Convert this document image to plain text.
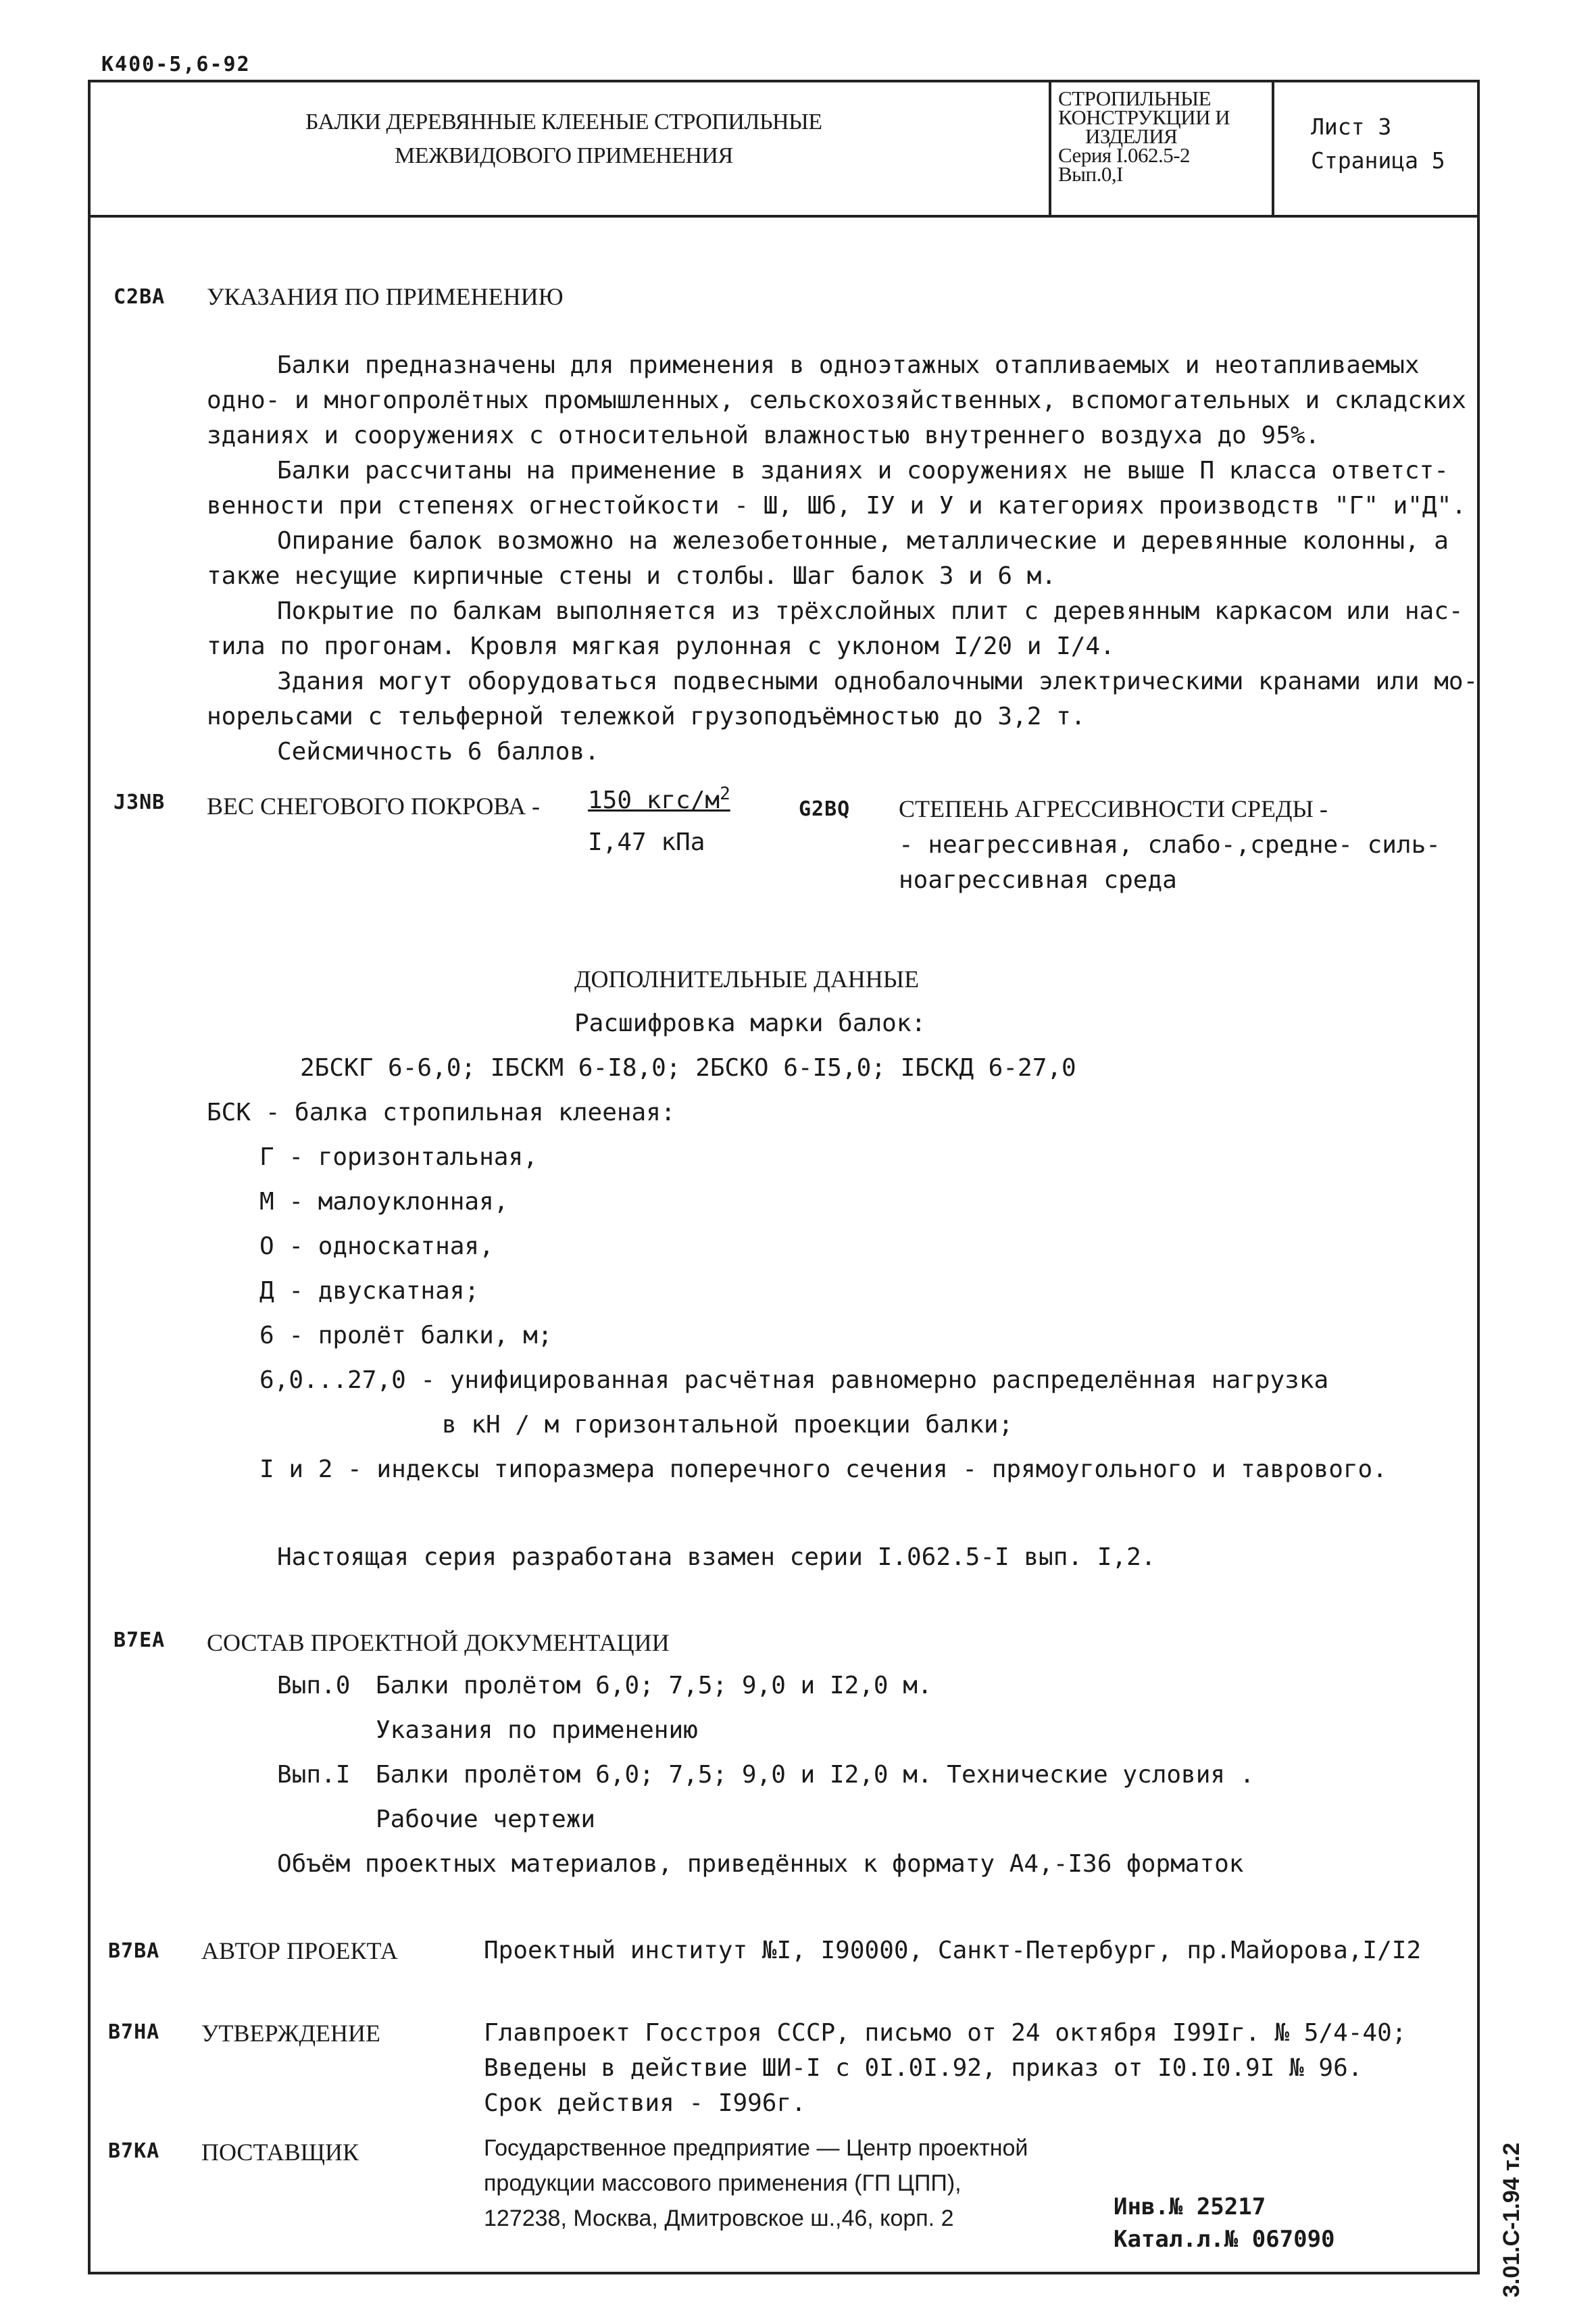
К400-5,6-92
БАЛКИ ДЕРЕВЯННЫЕ КЛЕЕНЫЕ СТРОПИЛЬНЫЕ
МЕЖВИДОВОГО ПРИМЕНЕНИЯ
СТРОПИЛЬНЫЕ
КОНСТРУКЦИИ И
ИЗДЕЛИЯ
Серия I.062.5-2
Вып.0,I
Лист 3
Страница 5
С2ВА УКАЗАНИЯ ПО ПРИМЕНЕНИЮ
Балки предназначены для применения в одноэтажных отапливаемых и неотапливаемых
одно- и многопролётных промышленных, сельскохозяйственных, вспомогательных и складских
зданиях и сооружениях с относительной влажностью внутреннего воздуха до 95%.
Балки рассчитаны на применение в зданиях и сооружениях не выше П класса ответст-
венности при степенях огнестойкости - Ш, Шб, IУ и У и категориях производств "Г" и"Д".
Опирание балок возможно на железобетонные, металлические и деревянные колонны, а
также несущие кирпичные стены и столбы. Шаг балок 3 и 6 м.
Покрытие по балкам выполняется из трёхслойных плит с деревянным каркасом или нас-
тила по прогонам. Кровля мягкая рулонная с уклоном I/20 и I/4.
Здания могут оборудоваться подвесными однобалочными электрическими кранами или мо-
норельсами с тельферной тележкой грузоподъёмностью до 3,2 т.
Сейсмичность 6 баллов.
J3NB ВЕС СНЕГОВОГО ПОКРОВА - 150 кгс/$м^2$
I,47 кПа
G2BQ СТЕПЕНЬ АГРЕССИВНОСТИ СРЕДЫ -
- неагрессивная, слабо-,средне- силь-
ноагрессивная среда
ДОПОЛНИТЕЛЬНЫЕ ДАННЫЕ
Расшифровка марки балок:
2БСКГ 6-6,0; IБСКМ 6-I8,0; 2БСКО 6-I5,0; IБСКД 6-27,0
БСК - балка стропильная клееная:
Г - горизонтальная,
М - малоуклонная,
О - односкатная,
Д - двускатная;
6 - пролёт балки, м;
6,0...27,0 - унифицированная расчётная равномерно распределённая нагрузка
в кН / м горизонтальной проекции балки;
I и 2 - индексы типоразмера поперечного сечения - прямоугольного и таврового.
Настоящая серия разработана взамен серии I.062.5-I вып. I,2.
В7ЕА СОСТАВ ПРОЕКТНОЙ ДОКУМЕНТАЦИИ
Вып.0 Балки пролётом 6,0; 7,5; 9,0 и I2,0 м.
Указания по применению
Вып.I Балки пролётом 6,0; 7,5; 9,0 и I2,0 м. Технические условия .
Рабочие чертежи
Объём проектных материалов, приведённых к формату А4,-I36 форматок
В7ВА АВТОР ПРОЕКТА	Проектный институт №I, I90000, Санкт-Петербург, пр.Майорова,I/I2
В7НА УТВЕРЖДЕНИЕ	Главпроект Госстроя СССР, письмо от 24 октября I99Iг. № 5/4-40;
Введены в действие ШИ-I с 0I.0I.92, приказ от I0.I0.9I № 96.
Срок действия - I996г.
В7КА ПОСТАВЩИК	Государственное предприятие — Центр проектной
продукции массового применения (ГП ЦПП),
127238, Москва, Дмитровское ш.,46, корп. 2	Инв.№ 25217
Катал.л.№ 067090	3.01.С-1.94 т.2
